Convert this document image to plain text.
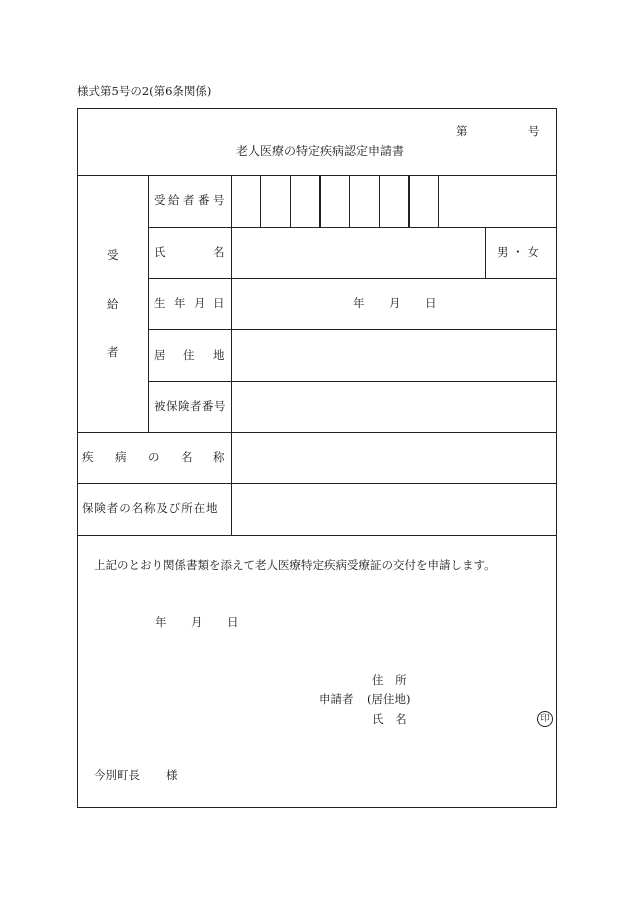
様式第5号の2(第6条関係)
第	号
老人医療の特定疾病認定申請書
受
給
者
受 給 者 番 号
氏	名	男 ・ 女
生 年 月 日	年 月 日
居 住 地
被保険者番号
疾 病 の 名 称
保険者の名称及び所在地
上記のとおり関係書類を添えて老人医療特定疾病受療証の交付を申請します。
年 月 日
住 所
申請者 (居住地)
氏 名	印
今別町長 様
